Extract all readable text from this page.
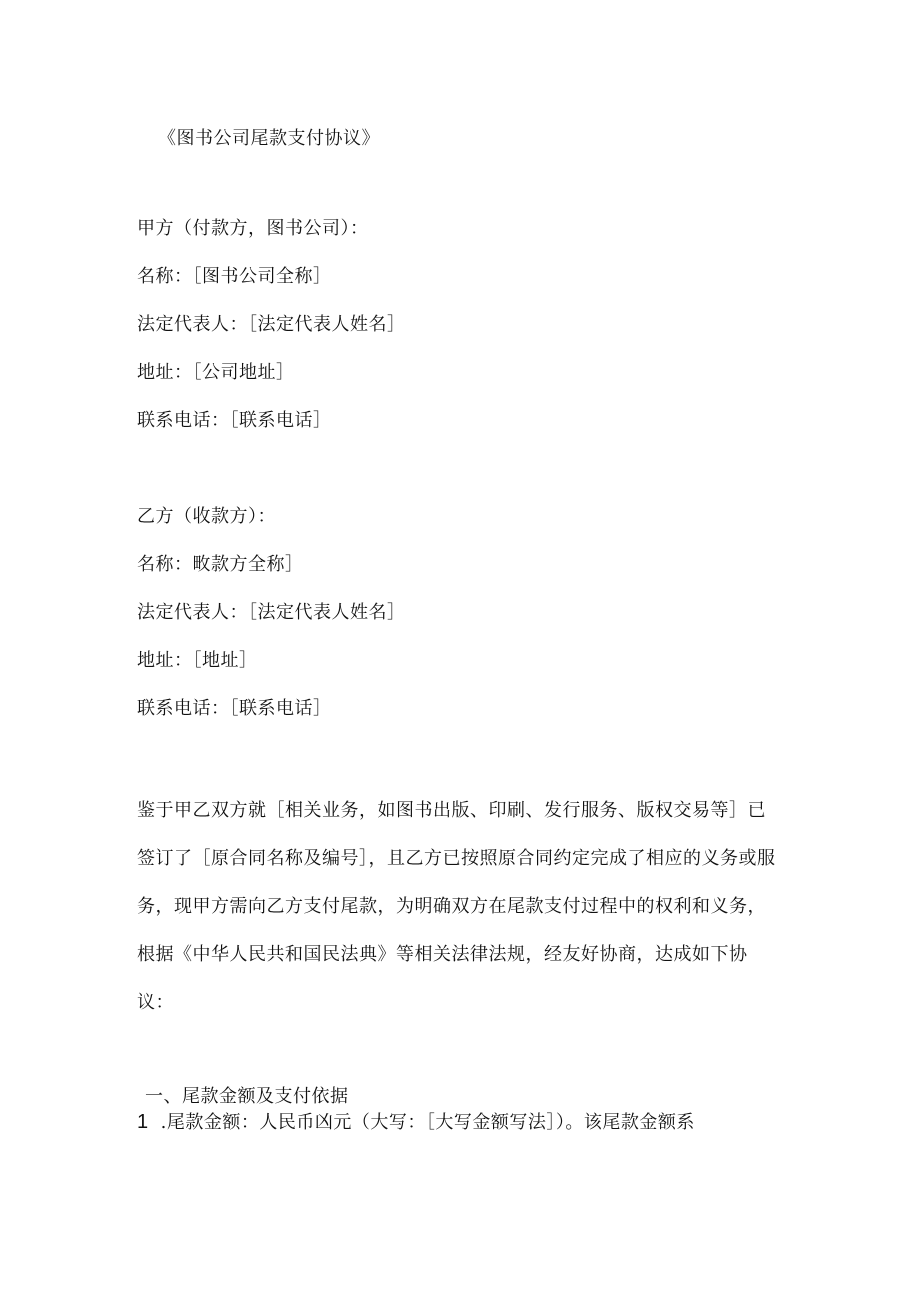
《图书公司尾款支付协议》
甲方（付款方，图书公司）：
名称：［图书公司全称］
法定代表人：［法定代表人姓名］
地址：［公司地址］
联系电话：［联系电话］
乙方（收款方）：
名称：畋款方全称］
法定代表人：［法定代表人姓名］
地址：［地址］
联系电话：［联系电话］
鉴于甲乙双方就［相关业务，如图书出版、印刷、发行服务、版权交易等］已
签订了［原合同名称及编号］，且乙方已按照原合同约定完成了相应的义务或服
务，现甲方需向乙方支付尾款，为明确双方在尾款支付过程中的权利和义务，
根据《中华人民共和国民法典》等相关法律法规，经友好协商，达成如下协
议：
一、尾款金额及支付依据
1 .尾款金额：人民币凶元（大写：［大写金额写法］）。该尾款金额系
